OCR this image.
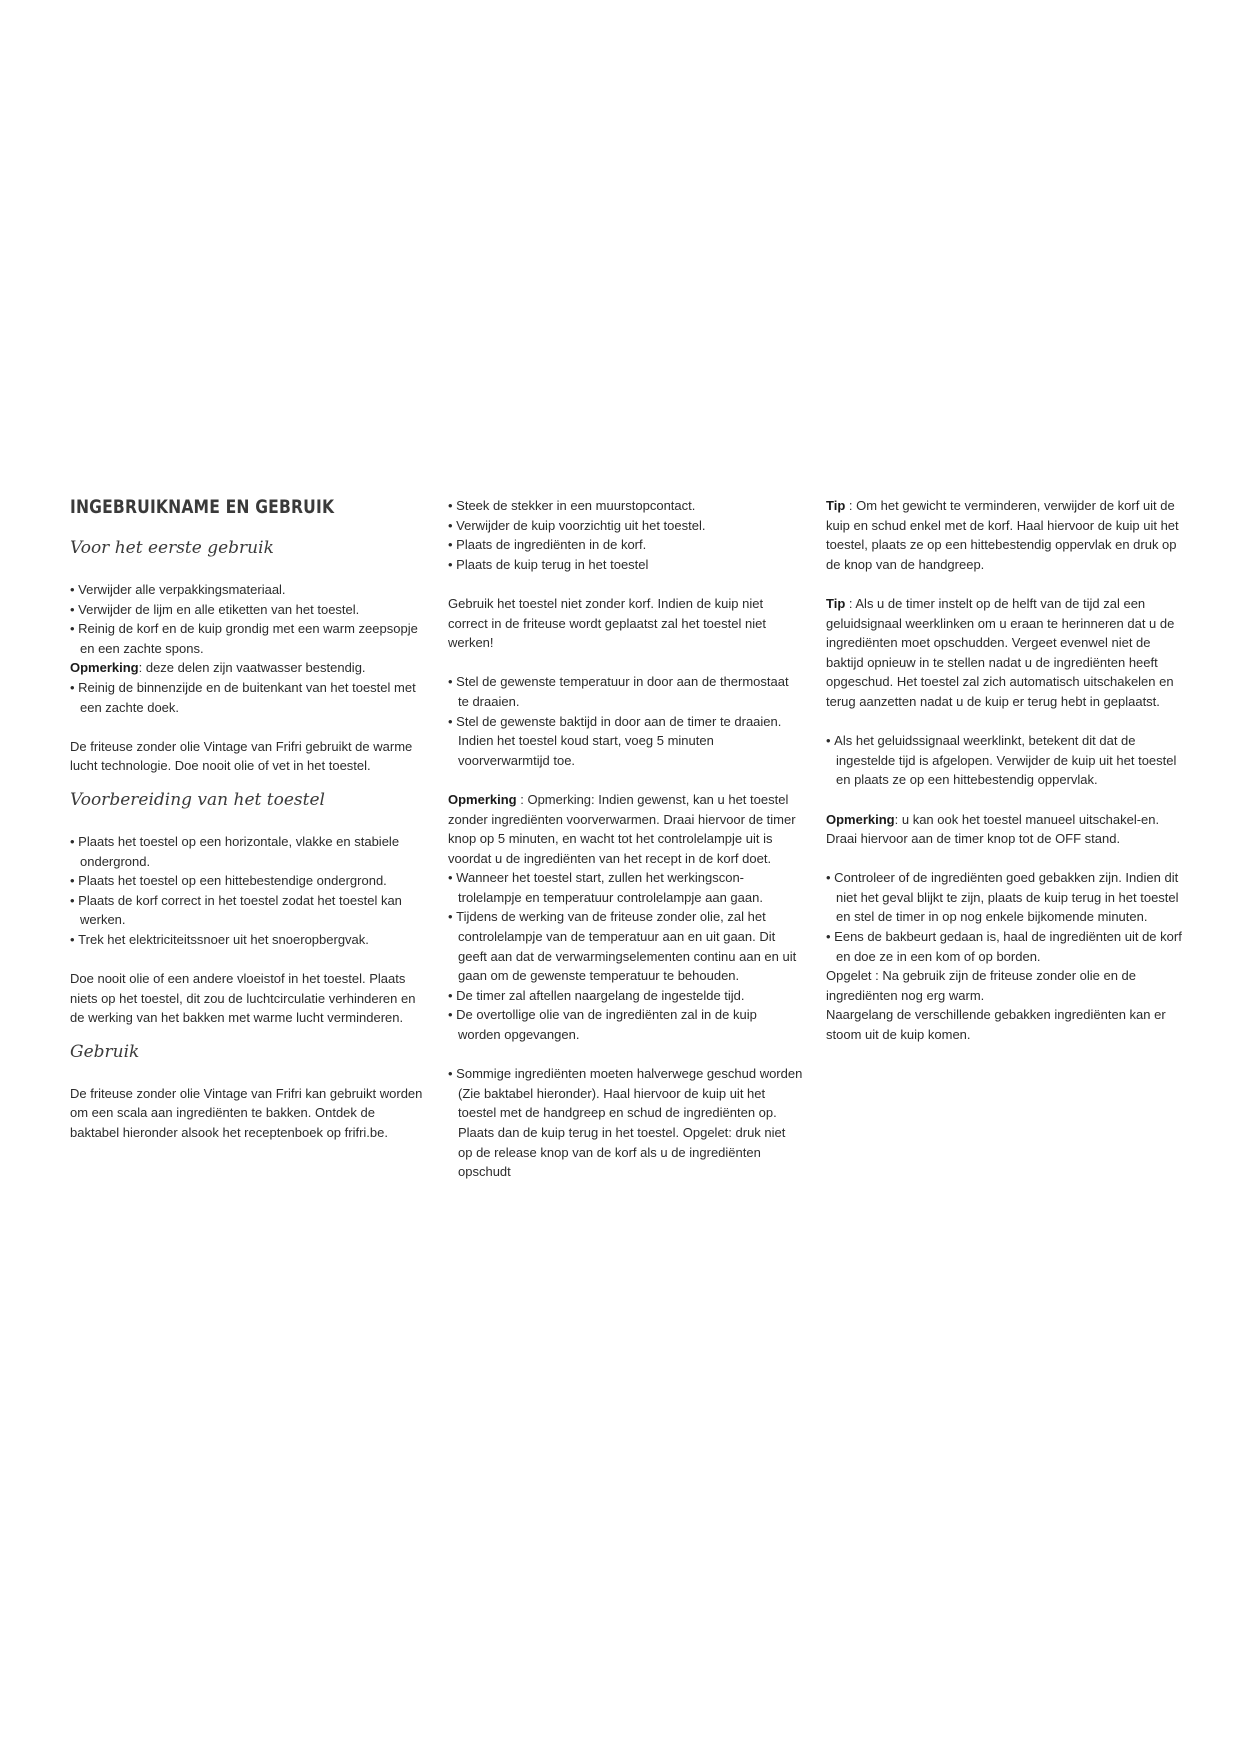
INGEBRUIKNAME EN GEBRUIK
Voor het eerste gebruik

• Verwijder alle verpakkingsmateriaal.

• Verwijder de lijm en alle etiketten van het toestel.

• Reinig de korf en de kuip grondig met een warm zeepsopje en een zachte spons.

Opmerking: deze delen zijn vaatwasser bestendig.

• Reinig de binnenzijde en de buitenkant van het toestel met een zachte doek.

De friteuse zonder olie Vintage van Frifri gebruikt de warme lucht technologie. Doe nooit olie of vet in het toestel.

Voorbereiding van het toestel

• Plaats het toestel op een horizontale, vlakke en stabiele ondergrond.

• Plaats het toestel op een hittebestendige ondergrond.

• Plaats de korf correct in het toestel zodat het toestel kan werken.

• Trek het elektriciteitssnoer uit het snoeropbergvak.

Doe nooit olie of een andere vloeistof in het toestel. Plaats niets op het toestel, dit zou de luchtcirculatie verhinderen en de werking van het bakken met warme lucht verminderen.

Gebruik

De friteuse zonder olie Vintage van Frifri kan gebruikt worden om een scala aan ingrediënten te bakken. Ontdek de baktabel hieronder alsook het receptenboek op frifri.be.

• Steek de stekker in een muurstopcontact.

• Verwijder de kuip voorzichtig uit het toestel.

• Plaats de ingrediënten in de korf.

• Plaats de kuip terug in het toestel

Gebruik het toestel niet zonder korf. Indien de kuip niet correct in de friteuse wordt geplaatst zal het toestel niet werken!

• Stel de gewenste temperatuur in door aan de thermostaat te draaien.

• Stel de gewenste baktijd in door aan de timer te draaien. Indien het toestel koud start, voeg 5 minuten voorverwarmtijd toe.

Opmerking : Opmerking: Indien gewenst, kan u het toestel zonder ingrediënten voorverwarmen. Draai hiervoor de timer knop op 5 minuten, en wacht tot het controlelampje uit is voordat u de ingrediënten van het recept in de korf doet.

• Wanneer het toestel start, zullen het werkingscon-trolelampje en temperatuur controlelampje aan gaan.

• Tijdens de werking van de friteuse zonder olie, zal het controlelampje van de temperatuur aan en uit gaan. Dit geeft aan dat de verwarmingselementen continu aan en uit gaan om de gewenste temperatuur te behouden.

• De timer zal aftellen naargelang de ingestelde tijd.

• De overtollige olie van de ingrediënten zal in de kuip worden opgevangen.

• Sommige ingrediënten moeten halverwege geschud worden (Zie baktabel hieronder). Haal hiervoor de kuip uit het toestel met de handgreep en schud de ingrediënten op. Plaats dan de kuip terug in het toestel. Opgelet: druk niet op de release knop van de korf als u de ingrediënten opschudt

Tip : Om het gewicht te verminderen, verwijder de korf uit de kuip en schud enkel met de korf. Haal hiervoor de kuip uit het toestel, plaats ze op een hittebestendig oppervlak en druk op de knop van de handgreep.

Tip : Als u de timer instelt op de helft van de tijd zal een geluidsignaal weerklinken om u eraan te herinneren dat u de ingrediënten moet opschudden. Vergeet evenwel niet de baktijd opnieuw in te stellen nadat u de ingrediënten heeft opgeschud. Het toestel zal zich automatisch uitschakelen en terug aanzetten nadat u de kuip er terug hebt in geplaatst.

• Als het geluidssignaal weerklinkt, betekent dit dat de ingestelde tijd is afgelopen. Verwijder de kuip uit het toestel en plaats ze op een hittebestendig oppervlak.

Opmerking: u kan ook het toestel manueel uitschakel-en. Draai hiervoor aan de timer knop tot de OFF stand.

• Controleer of de ingrediënten goed gebakken zijn. Indien dit niet het geval blijkt te zijn, plaats de kuip terug in het toestel en stel de timer in op nog enkele bijkomende minuten.

• Eens de bakbeurt gedaan is, haal de ingrediënten uit de korf en doe ze in een kom of op borden.

Opgelet : Na gebruik zijn de friteuse zonder olie en de ingrediënten nog erg warm.

Naargelang de verschillende gebakken ingrediënten kan er stoom uit de kuip komen.
